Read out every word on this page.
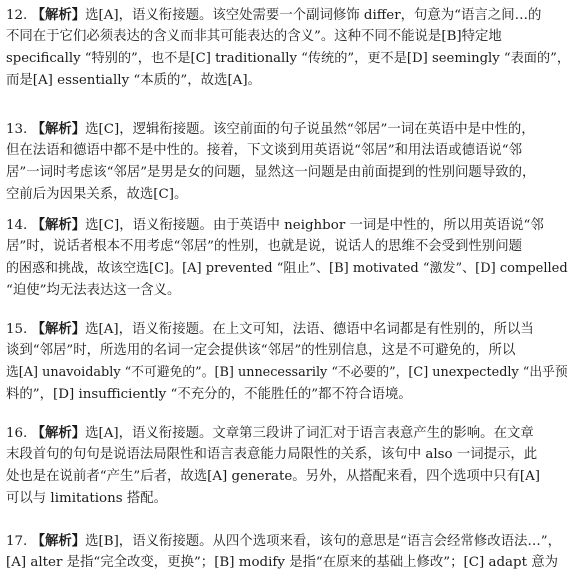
12. 【解析】选[A]，语义衔接题。该空处需要一个副词修饰 differ，句意为“语言之间…的
不同在于它们必须表达的含义而非其可能表达的含义”。这种不同不能说是[B]特定地
specifically “特别的”，也不是[C] traditionally “传统的”，更不是[D] seemingly “表面的”，
而是[A] essentially “本质的”，故选[A]。
13. 【解析】选[C]，逻辑衔接题。该空前面的句子说虽然“邻居”一词在英语中是中性的，
但在法语和德语中都不是中性的。接着，下文谈到用英语说“邻居”和用法语或德语说“邻
居”一词时考虑该“邻居”是男是女的问题，显然这一问题是由前面提到的性别问题导致的，
空前后为因果关系，故选[C]。
14. 【解析】选[C]，语义衔接题。由于英语中 neighbor 一词是中性的，所以用英语说“邻
居”时，说话者根本不用考虑“邻居”的性别，也就是说，说话人的思维不会受到性别问题
的困惑和挑战，故该空选[C]。[A] prevented “阻止”、[B] motivated “激发”、[D] compelled
“迫使”均无法表达这一含义。
15. 【解析】选[A]，语义衔接题。在上文可知，法语、德语中名词都是有性别的，所以当
谈到“邻居”时，所选用的名词一定会提供该“邻居”的性别信息，这是不可避免的，所以
选[A] unavoidably “不可避免的”。[B] unnecessarily “不必要的”，[C] unexpectedly “出乎预
料的”，[D] insufficiently “不充分的，不能胜任的”都不符合语境。
16. 【解析】选[A]，语义衔接题。文章第三段讲了词汇对于语言表意产生的影响。在文章
末段首句的句句是说语法局限性和语言表意能力局限性的关系，该句中 also 一词提示，此
处也是在说前者“产生”后者，故选[A] generate。另外，从搭配来看，四个选项中只有[A]
可以与 limitations 搭配。
17. 【解析】选[B]，语义衔接题。从四个选项来看，该句的意思是“语言会经常修改语法…”，
[A] alter 是指“完全改变，更换”；[B] modify 是指“在原来的基础上修改”；[C] adapt 意为
